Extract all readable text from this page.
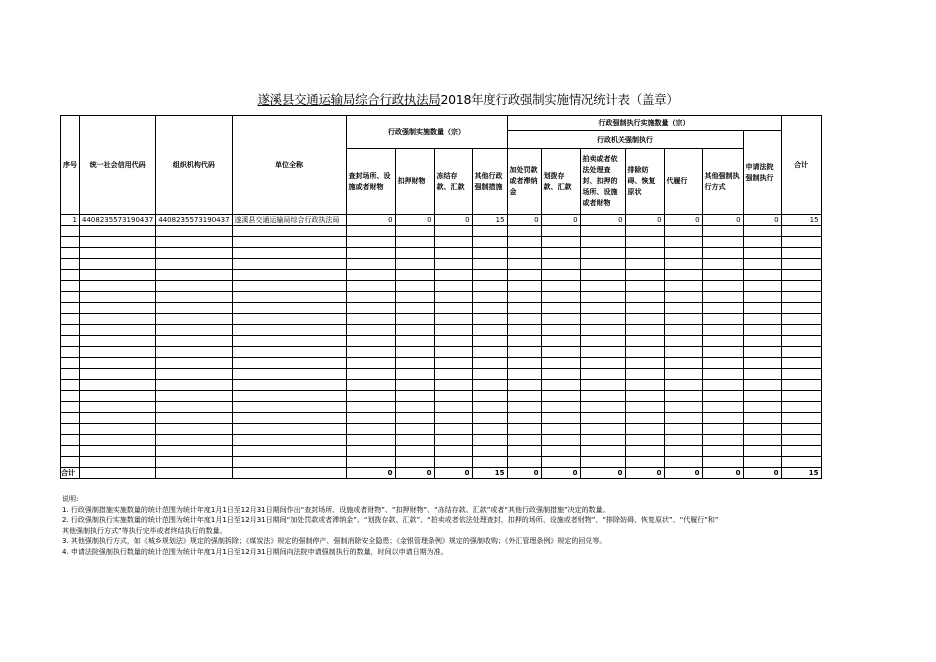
遂溪县交通运输局综合行政执法局2018年度行政强制实施情况统计表（盖章）
序号	统一社会信用代码	组织机构代码	单位全称	行政强制实施数量（宗）				行政强制执行实施数量（宗）							合计
								行政机关强制执行						申请法院强制执行	
				查封场所、设施或者财物	扣押财物	冻结存款、汇款	其他行政强制措施	加处罚款或者滞纳金	划拨存款、汇款	拍卖或者依法处理查封、扣押的场所、设施或者财物	排除妨碍、恢复原状	代履行	其他强制执行方式		
1	4408235573190437	4408235573190437	遂溪县交通运输局综合行政执法局	0	0	0	15	0	0	0	0	0	0	0	15

合计				0	0	0	15	0	0	0	0	0	0	0	15
说明:
1. 行政强制措施实施数量的统计范围为统计年度1月1日至12月31日期间作出“查封场所、设施或者财物”、“扣押财物”、“冻结存款、汇款”或者“其他行政强制措施”决定的数量。
2. 行政强制执行实施数量的统计范围为统计年度1月1日至12月31日期间“加处罚款或者滞纳金”、“划拨存款、汇款”、“拍卖或者依法处理查封、扣押的场所、设施或者财物”、“排除妨碍、恢复原状”、“代履行”和“
其他强制执行方式”等执行完毕或者终结执行的数量。
3. 其他强制执行方式，如《城乡规划法》规定的强制拆除；《煤炭法》规定的强制停产、强制消除安全隐患；《金银管理条例》规定的强制收购；《外汇管理条例》规定的回兑等。
4. 申请法院强制执行数量的统计范围为统计年度1月1日至12月31日期间向法院申请强制执行的数量，时间以申请日期为准。
